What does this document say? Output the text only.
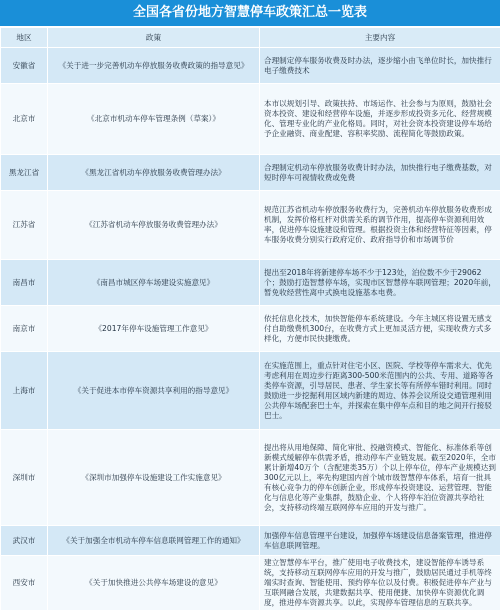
全国各省份地方智慧停车政策汇总一览表
地区	政策	主要内容
安徽省	《关于进一步完善机动车停放服务收费政策的指导意见》	合理制定停车服务收费及时办法，逐步缩小由飞单位时长，加快推行电子缴费技术
北京市	《北京市机动车停车管理条例（草案）》	本市以规划引导、政策扶持、市场运作、社会参与为原则，鼓励社会资本投资、建设和经营停车设施，并逐步形成投资多元化、经营规模化、管理专业化的产业化格局。同时，对社会资本投资建设停车场给予企业融资、商业配建、容积率奖励、流程简化等鼓励政策。
黑龙江省	《黑龙江省机动车停放服务收费管理办法》	合理制定机动车停放服务收费计时办法，加快推行电子缴费基数，对短时停车可视情收费或免费
江苏省	《江苏省机动车停放服务收费管理办法》	规范江苏省机动车停放服务收费行为，完善机动车停放服务收费形成机制，发挥价格杠杆对供需关系的调节作用，提高停车资源利用效率，促进停车设施建设和管理。根据投资主体和经营特征等因素，停车服务收费分别实行政府定价、政府指导价和市场调节价
南昌市	《南昌市城区停车场建设实施意见》	提出至2018年将新建停车场不少于123处，泊位数不少于29062个；鼓励打造智慧停车场，实现市区智慧停车联网管理；2020年前，暂免收经营性离中式换电设施基本电费。
南京市	《2017年停车设施管理工作意见》	依托信息化技术，加快智能停车系统建设。今年主城区将设置无感支付自助缴费机300台，在收费方式上更加灵活方便，实现收费方式多样化，方便市民快捷缴费。
上海市	《关于促进本市停车资源共享利用的指导意见》	在实施范围上，重点针对住宅小区、医院、学校等停车需求大、优先考虑利用在周边步行距离300-500米范围内的公共、专用、道路等各类停车资源，引导居民、患者、学生家长等有所停车错时利用。同时鼓励进一步挖掘利用区域内新建的周边、体养会议所设交通管理利用公共停车场配套巴士车，并探索在集中停车点和目的地之间开行接驳巴士。
深圳市	《深圳市加强停车设施建设工作实施意见》	提出将从用地保障、简化审批、投融资模式、智能化、标准体系等创新模式缓解停车供需矛盾，推动停车产业链发展。截至2020年，全市累计新增40万个（含配建类35万）个以上停车位，停车产业规模达到300亿元以上，率先构建国内首个城市级智慧停车体系，培育一批具有核心竞争力的停车创新企业，形成停车投资建设、运营管理、智能化与信息化等产业集群，鼓励企业、个人将停车泊位资源共享给社会，支持移动终端互联网停车应用的开发与推广。
武汉市	《关于加强全市机动车停车信息联网管理工作的通知》	加强停车信息管理平台建设，加强停车场建设信息备案管理，推进停车信息联网管理。
西安市	《关于加快推进公共停车场建设的意见》	建立智慧停车平台，推广使用电子收费技术，建设智能停车诱导系统，支持移动互联网停车应用的开发与推广，鼓励居民通过手机等终端实时查询、智能使用、预约停车位以及付费。积极促进停车产业与互联网融合发展，共建数据共享、使用便捷、加快停车资源优化调度，推进停车资源共享。以此，实现停车管理信息的互联共享。
